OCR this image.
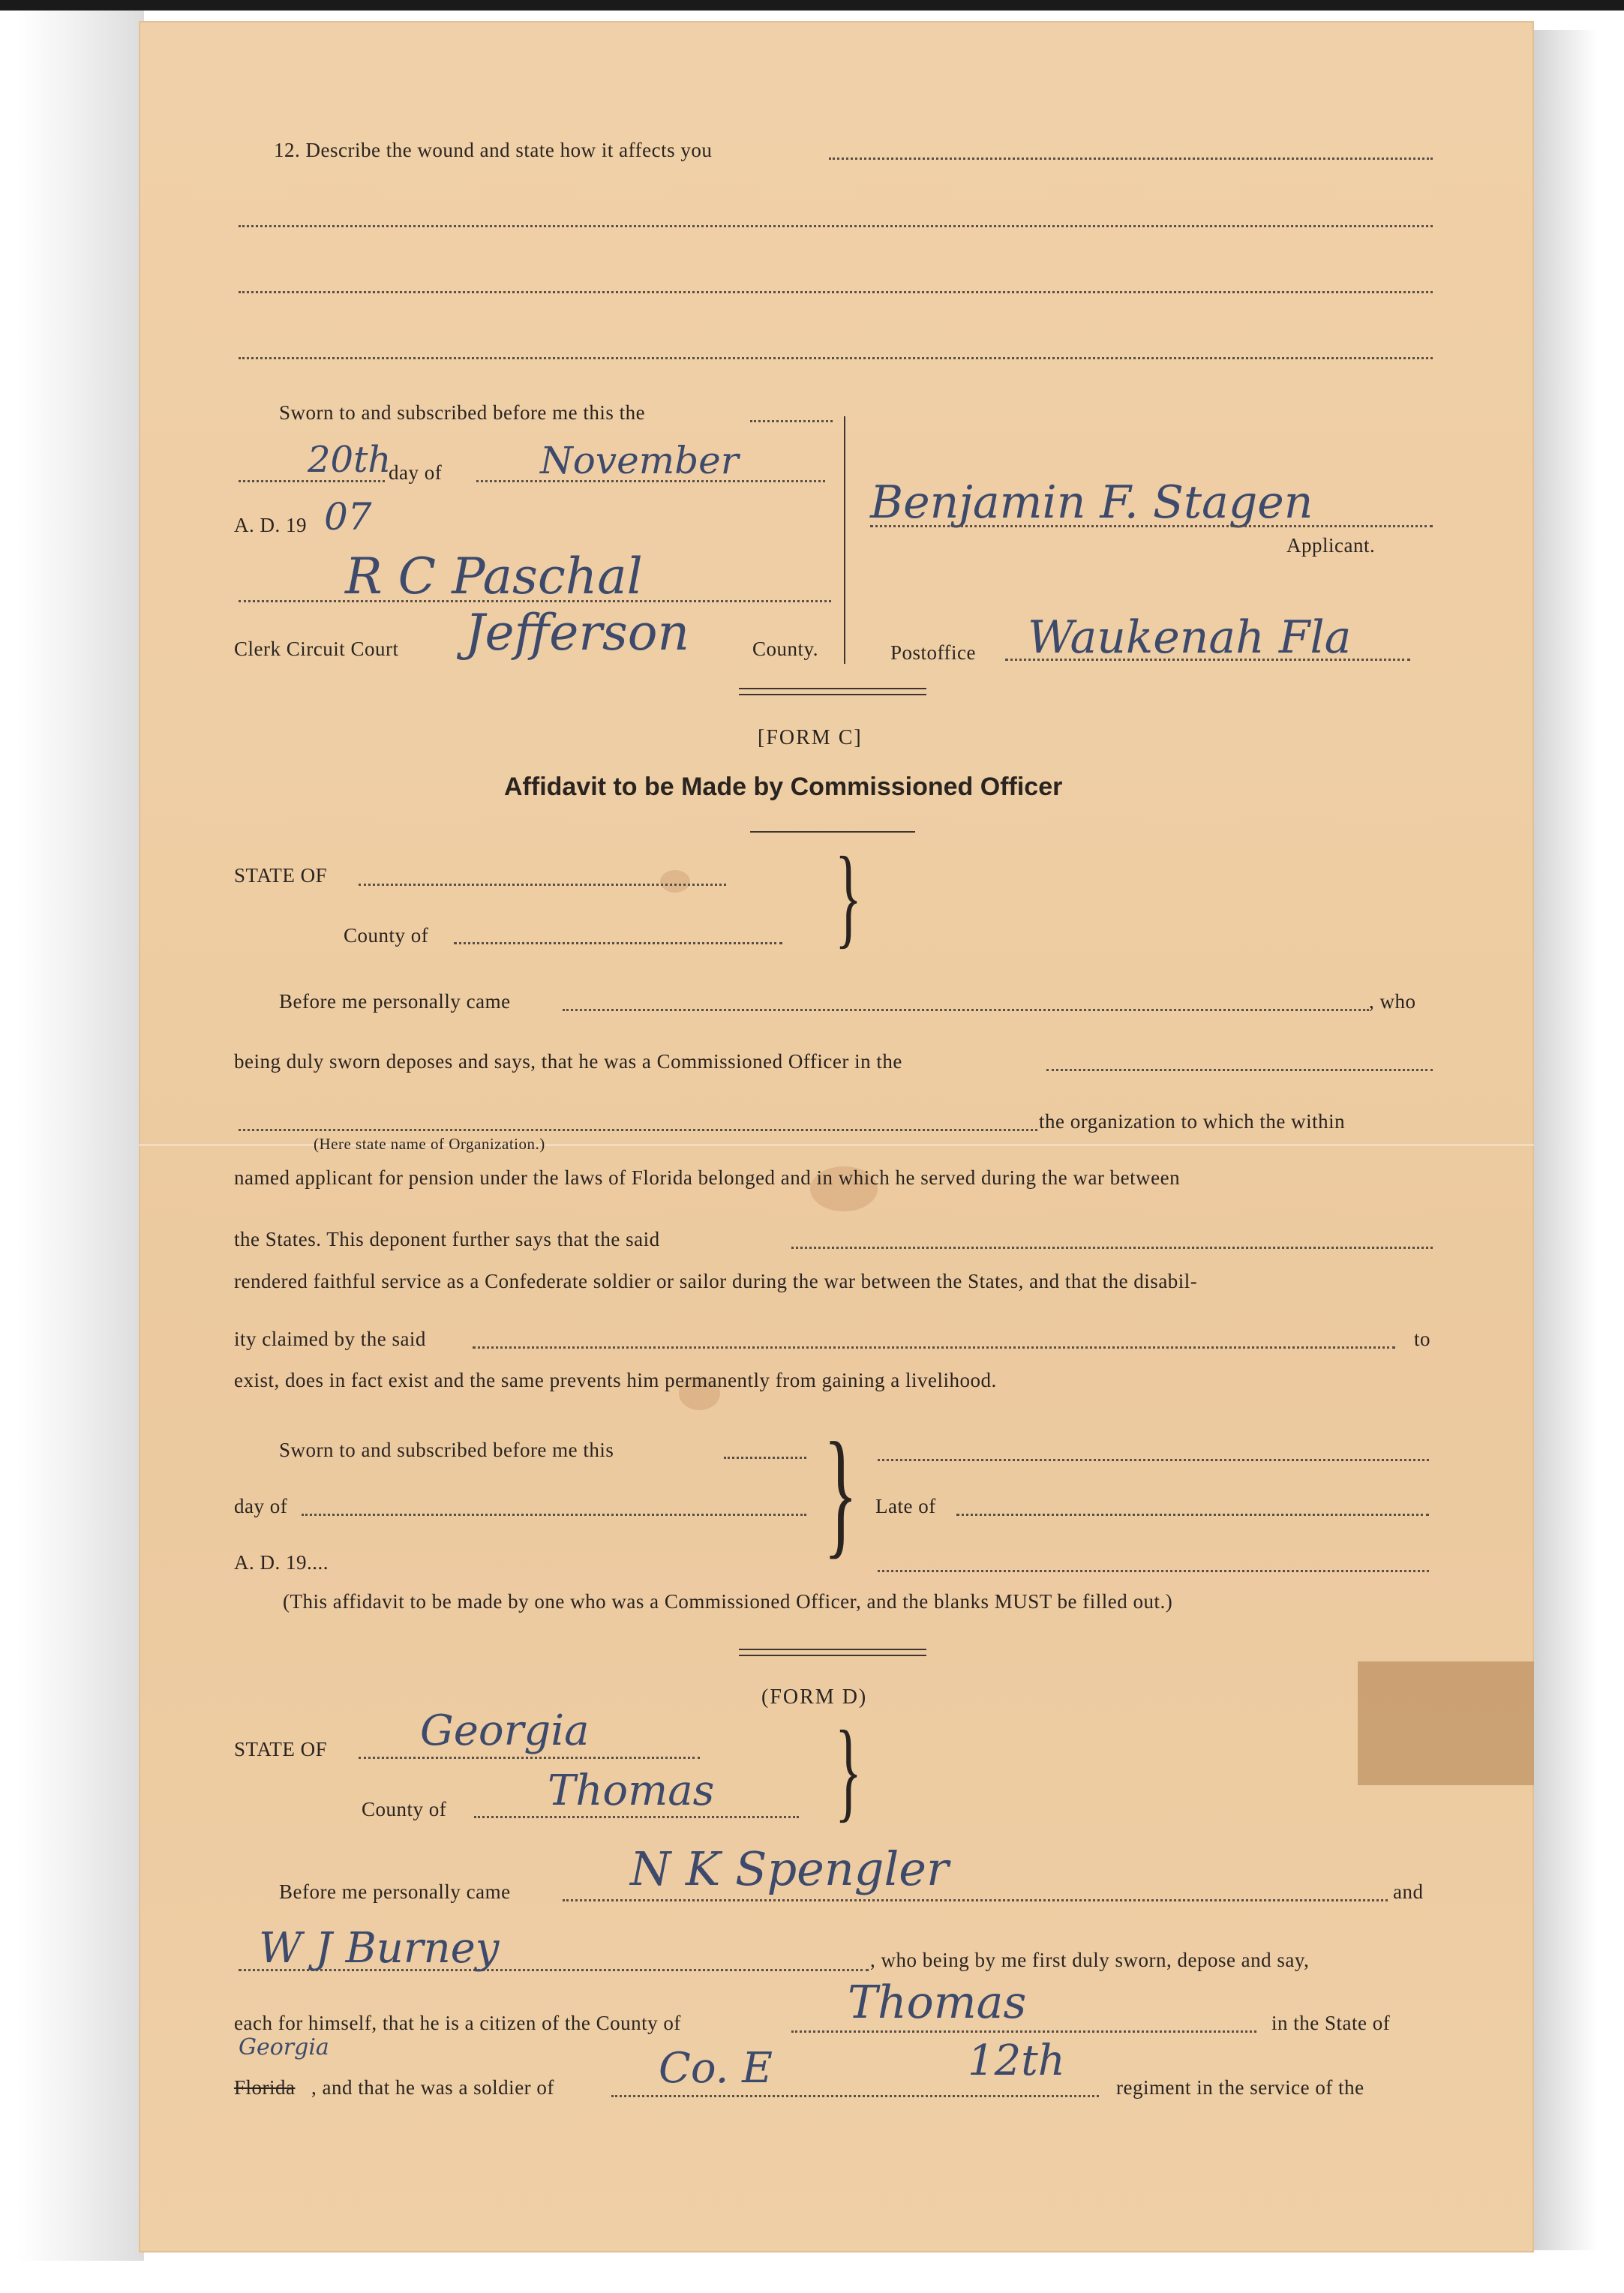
12. Describe the wound and state how it affects you
Sworn to and subscribed before me this the
20th
day of	November
A. D. 19 07
R C Paschal
Clerk Circuit Court Jefferson	County.
Benjamin F. Stagen
Applicant.
Postoffice Waukenah Fla
[FORM C]
Affidavit to be Made by Commissioned Officer
STATE OF
County of	}
Before me personally came	, who
being duly sworn deposes and says, that he was a Commissioned Officer in the
the organization to which the within
(Here state name of Organization.)
named applicant for pension under the laws of Florida belonged and in which he served during the war between
the States. This deponent further says that the said
rendered faithful service as a Confederate soldier or sailor during the war between the States, and that the disabil-
ity claimed by the said	to
exist, does in fact exist and the same prevents him permanently from gaining a livelihood.
Sworn to and subscribed before me this
day of
A. D. 19....	} Late of
(This affidavit to be made by one who was a Commissioned Officer, and the blanks MUST be filled out.)
(FORM D)
STATE OF Georgia
County of Thomas }
Before me personally came	N K Spengler	and
W J Burney	, who being by me first duly sworn, depose and say,
each for himself, that he is a citizen of the County of	Thomas	in the State of
Georgia
Florida , and that he was a soldier of Co. E	12th
regiment in the service of the
